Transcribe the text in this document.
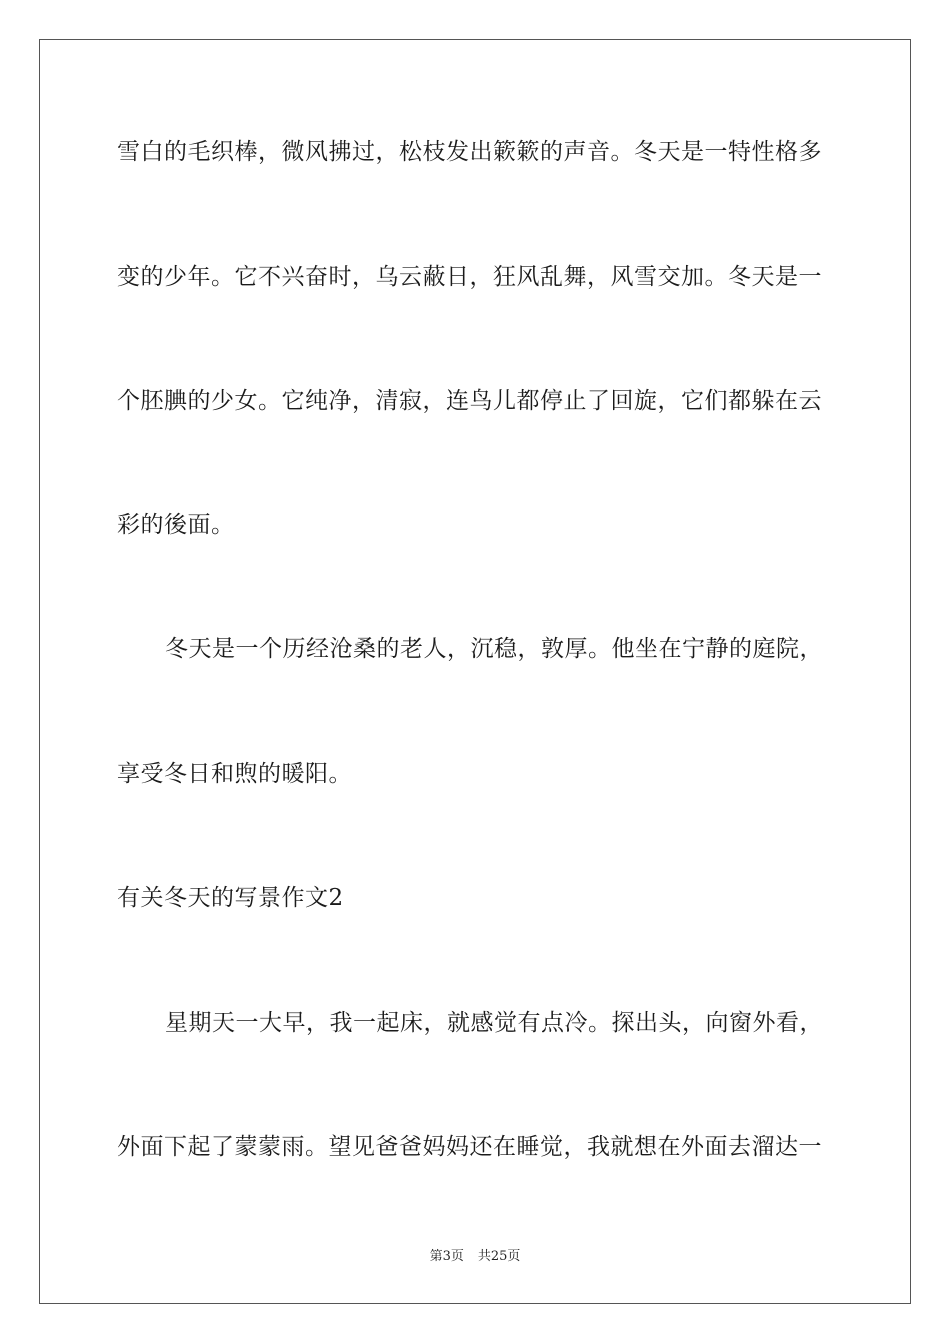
雪白的毛织棒，微风拂过，松枝发出簌簌的声音。冬天是一特性格多
变的少年。它不兴奋时，乌云蔽日，狂风乱舞，风雪交加。冬天是一
个胚腆的少女。它纯净，清寂，连鸟儿都停止了回旋，它们都躲在云
彩的後面。
冬天是一个历经沧桑的老人，沉稳，敦厚。他坐在宁静的庭院，
享受冬日和煦的暖阳。
有关冬天的写景作文2
星期天一大早，我一起床，就感觉有点冷。探出头，向窗外看，
外面下起了蒙蒙雨。望见爸爸妈妈还在睡觉，我就想在外面去溜达一
第3页 共25页
